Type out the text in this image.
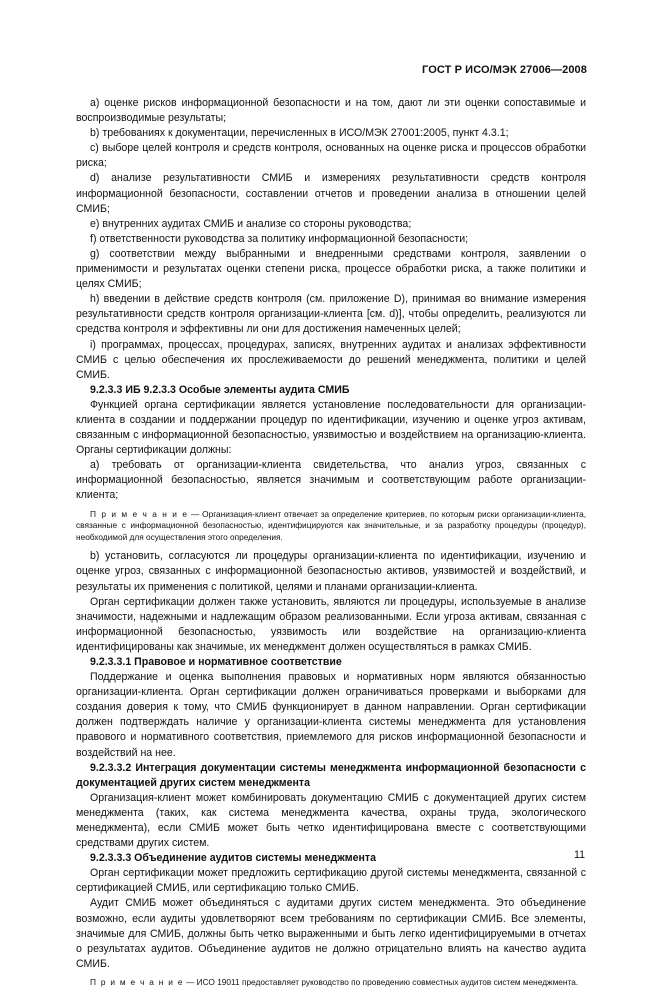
ГОСТ Р ИСО/МЭК 27006—2008

a) оценке рисков информационной безопасности и на том, дают ли эти оценки сопоставимые и воспроизводимые результаты;

b) требованиях к документации, перечисленных в ИСО/МЭК 27001:2005, пункт 4.3.1;

c) выборе целей контроля и средств контроля, основанных на оценке риска и процессов обработки риска;

d) анализе результативности СМИБ и измерениях результативности средств контроля информационной безопасности, составлении отчетов и проведении анализа в отношении целей СМИБ;

e) внутренних аудитах СМИБ и анализе со стороны руководства;

f) ответственности руководства за политику информационной безопасности;

g) соответствии между выбранными и внедренными средствами контроля, заявлении о применимости и результатах оценки степени риска, процессе обработки риска, а также политики и целях СМИБ;

h) введении в действие средств контроля (см. приложение D), принимая во внимание измерения результативности средств контроля организации-клиента [см. d)], чтобы определить, реализуются ли средства контроля и эффективны ли они для достижения намеченных целей;

i) программах, процессах, процедурах, записях, внутренних аудитах и анализах эффективности СМИБ с целью обеспечения их прослеживаемости до решений менеджмента, политики и целей СМИБ.

9.2.3.3 ИБ 9.2.3.3 Особые элементы аудита СМИБ

Функцией органа сертификации является установление последовательности для организации-клиента в создании и поддержании процедур по идентификации, изучению и оценке угроз активам, связанным с информационной безопасностью, уязвимостью и воздействием на организацию-клиента. Органы сертификации должны:

a) требовать от организации-клиента свидетельства, что анализ угроз, связанных с информационной безопасностью, является значимым и соответствующим работе организации-клиента;

П р и м е ч а н и е — Организация-клиент отвечает за определение критериев, по которым риски организации-клиента, связанные с информационной безопасностью, идентифицируются как значительные, и за разработку процедуры (процедур), необходимой для осуществления этого определения.

b) установить, согласуются ли процедуры организации-клиента по идентификации, изучению и оценке угроз, связанных с информационной безопасностью активов, уязвимостей и воздействий, и результаты их применения с политикой, целями и планами организации-клиента.

Орган сертификации должен также установить, являются ли процедуры, используемые в анализе значимости, надежными и надлежащим образом реализованными. Если угроза активам, связанная с информационной безопасностью, уязвимость или воздействие на организацию-клиента идентифицированы как значимые, их менеджмент должен осуществляться в рамках СМИБ.

9.2.3.3.1 Правовое и нормативное соответствие

Поддержание и оценка выполнения правовых и нормативных норм являются обязанностью организации-клиента. Орган сертификации должен ограничиваться проверками и выборками для создания доверия к тому, что СМИБ функционирует в данном направлении. Орган сертификации должен подтверждать наличие у организации-клиента системы менеджмента для установления правового и нормативного соответствия, приемлемого для рисков информационной безопасности и воздействий на нее.

9.2.3.3.2 Интеграция документации системы менеджмента информационной безопасности с документацией других систем менеджмента

Организация-клиент может комбинировать документацию СМИБ с документацией других систем менеджмента (таких, как система менеджмента качества, охраны труда, экологического менеджмента), если СМИБ может быть четко идентифицирована вместе с соответствующими средствами других систем.

9.2.3.3.3 Объединение аудитов системы менеджмента

Орган сертификации может предложить сертификацию другой системы менеджмента, связанной с сертификацией СМИБ, или сертификацию только СМИБ.

Аудит СМИБ может объединяться с аудитами других систем менеджмента. Это объединение возможно, если аудиты удовлетворяют всем требованиям по сертификации СМИБ. Все элементы, значимые для СМИБ, должны быть четко выраженными и быть легко идентифицируемыми в отчетах о результатах аудитов. Объединение аудитов не должно отрицательно влиять на качество аудита СМИБ.

П р и м е ч а н и е — ИСО 19011 предоставляет руководство по проведению совместных аудитов систем менеджмента.

11
